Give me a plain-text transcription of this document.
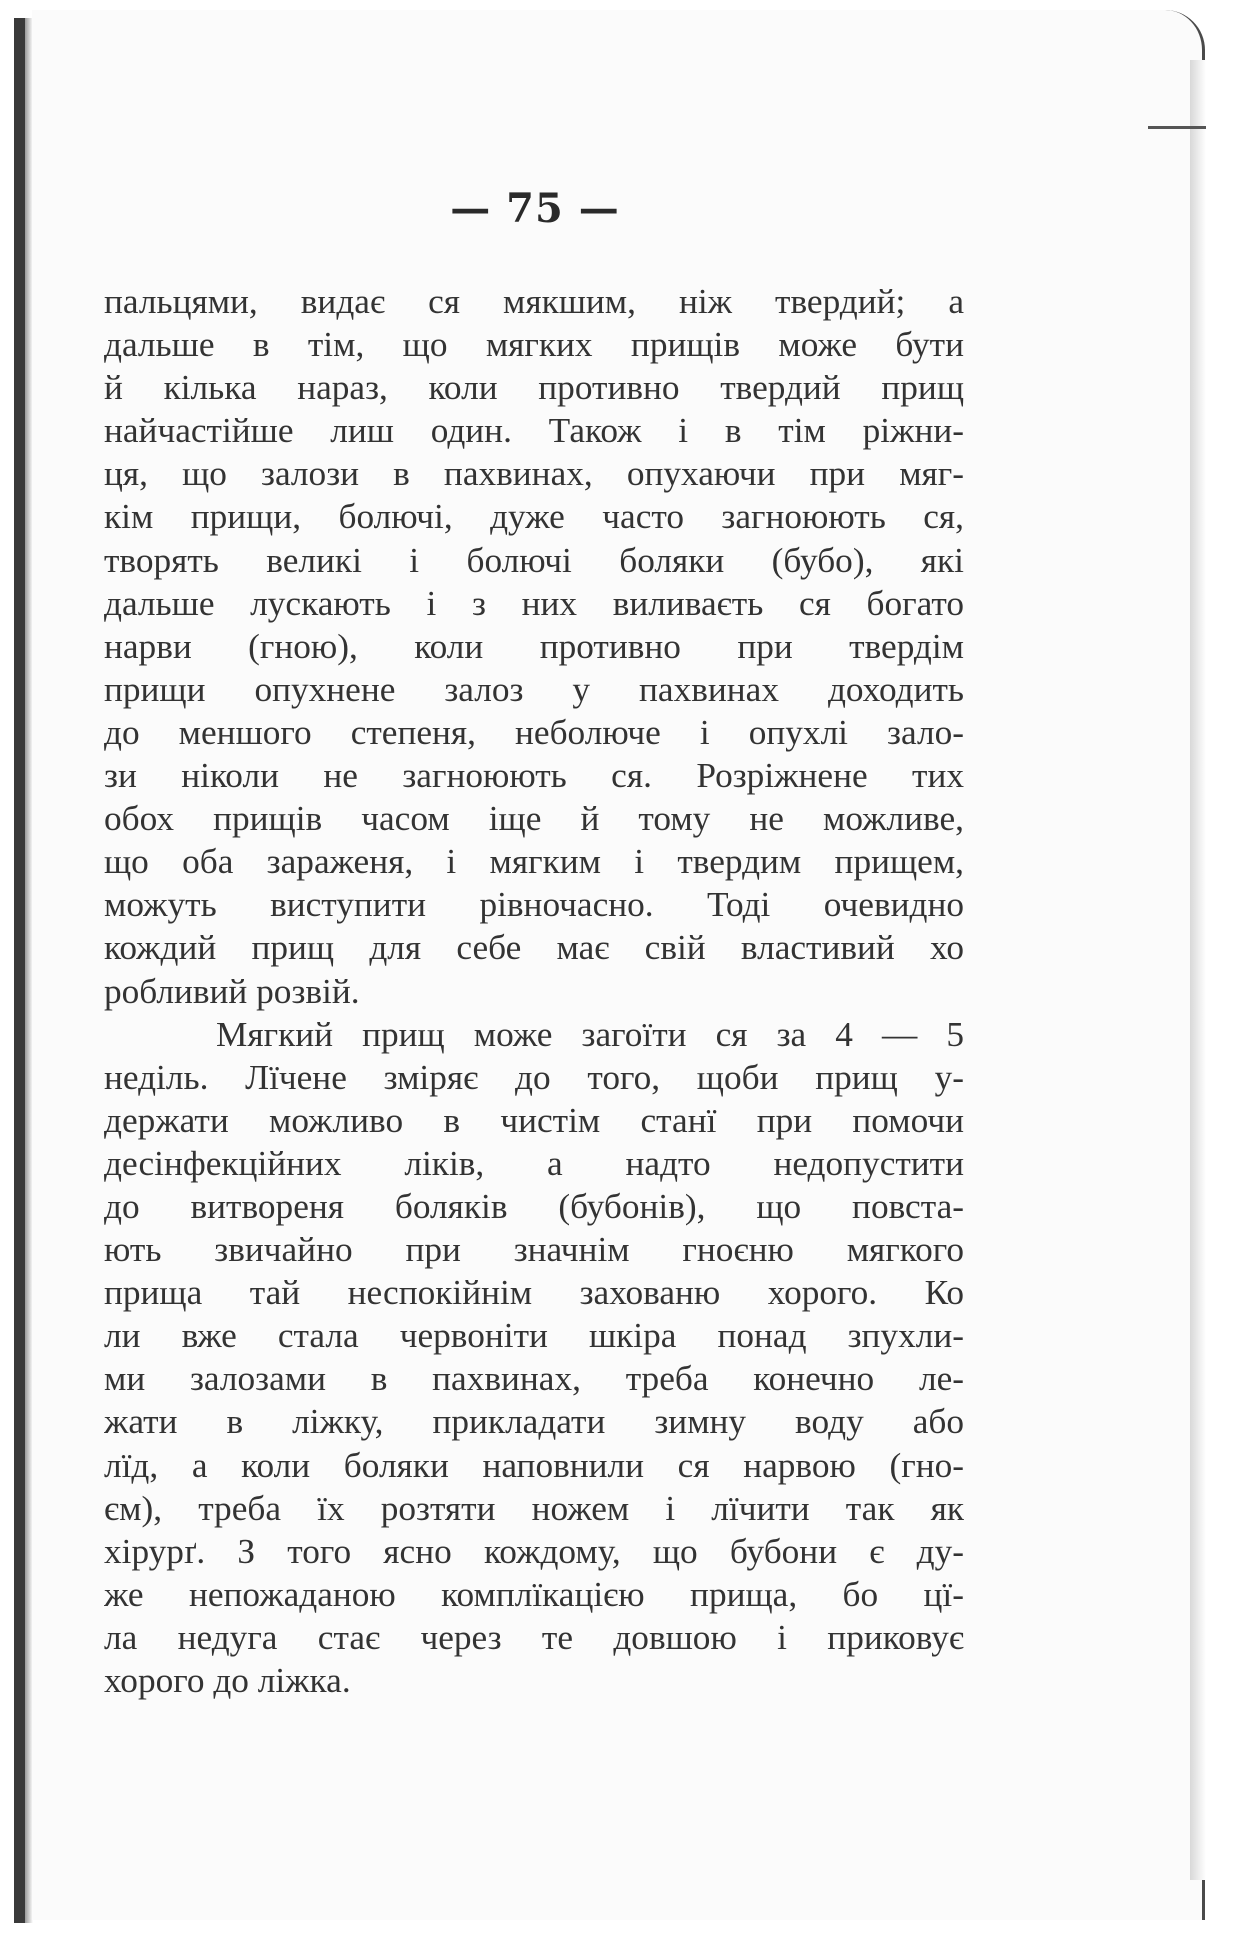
— 75 —
пальцями, видає ся мякшим, ніж твердий; а
дальше в тім, що мягких прищів може бути
й кілька нараз, коли противно твердий прищ
найчастійше лиш один. Також і в тім ріжни-
ця, що залози в пахвинах, опухаючи при мяг-
кім прищи, болючі, дуже часто загноюють ся,
творять великі і болючі боляки (бубо), які
дальше лускають і з них виливаєть ся богато
нарви (гною), коли противно при твердім
прищи опухнене залоз у пахвинах доходить
до меншого степеня, неболюче і опухлі зало-
зи ніколи не загноюють ся. Розріжнене тих
обох прищів часом іще й тому не можливе,
що оба зараженя, і мягким і твердим прищем,
можуть виступити рівночасно. Тоді очевидно
кождий прищ для себе має свій властивий хо
робливий розвій.
Мягкий прищ може загоїти ся за 4 — 5
неділь. Лїчене зміряє до того, щоби прищ у-
держати можливо в чистім станї при помочи
десінфекційних ліків, а надто недопустити
до витвореня боляків (бубонів), що повста-
ють звичайно при значнім гноєню мягкого
прища тай неспокійнім захованю хорого. Ко
ли вже стала червоніти шкіра понад зпухли-
ми залозами в пахвинах, треба конечно ле-
жати в ліжку, прикладати зимну воду або
лїд, а коли боляки наповнили ся нарвою (гно-
єм), треба їх розтяти ножем і лїчити так як
хірурґ. З того ясно кождому, що бубони є ду-
же непожаданою комплїкацією прища, бо цї-
ла недуга стає через те довшою і приковує
хорого до ліжка.
